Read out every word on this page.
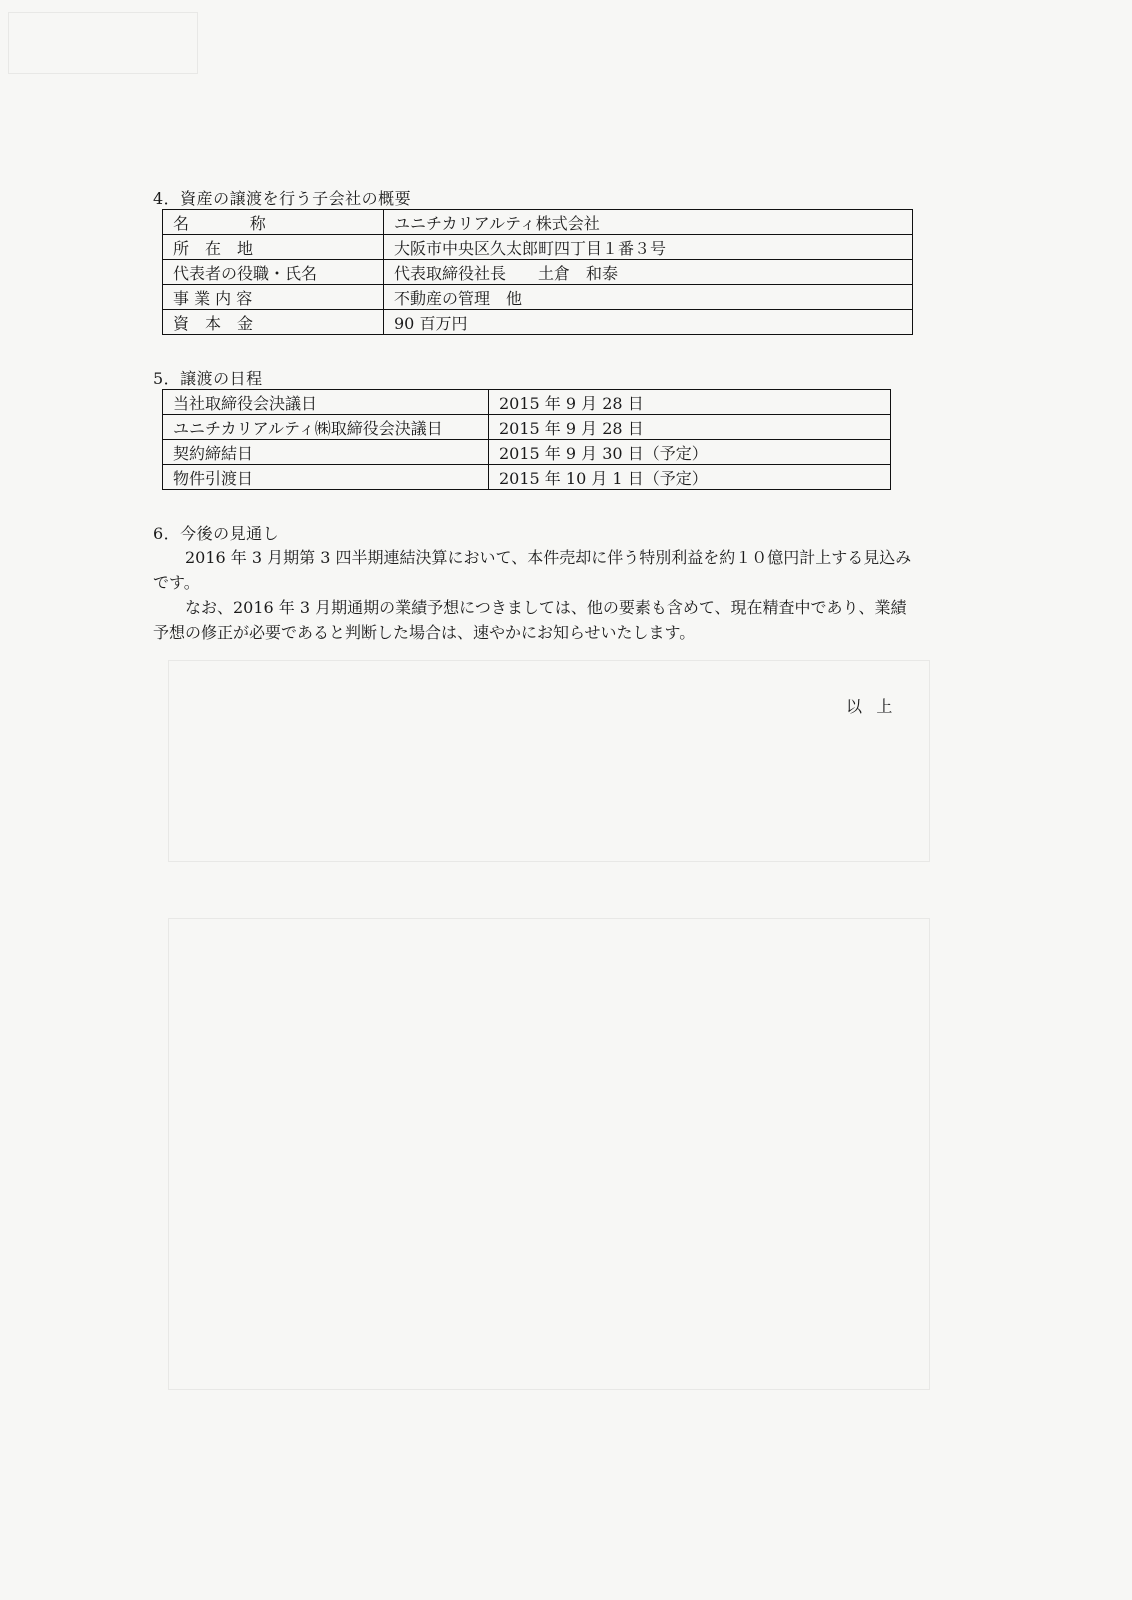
4．資産の譲渡を行う子会社の概要
名　　称	ユニチカリアルティ株式会社
所　在　地	大阪市中央区久太郎町四丁目１番３号
代表者の役職・氏名	代表取締役社長　　土倉　和泰
事 業 内 容	不動産の管理　他
資　本　金	90 百万円
5．譲渡の日程
当社取締役会決議日	2015 年 9 月 28 日
ユニチカリアルティ㈱取締役会決議日	2015 年 9 月 28 日
契約締結日	2015 年 9 月 30 日（予定）
物件引渡日	2015 年 10 月 1 日（予定）
6．今後の見通し
2016 年 3 月期第 3 四半期連結決算において、本件売却に伴う特別利益を約１０億円計上する見込みです。
なお、2016 年 3 月期通期の業績予想につきましては、他の要素も含めて、現在精査中であり、業績予想の修正が必要であると判断した場合は、速やかにお知らせいたします。
以上
